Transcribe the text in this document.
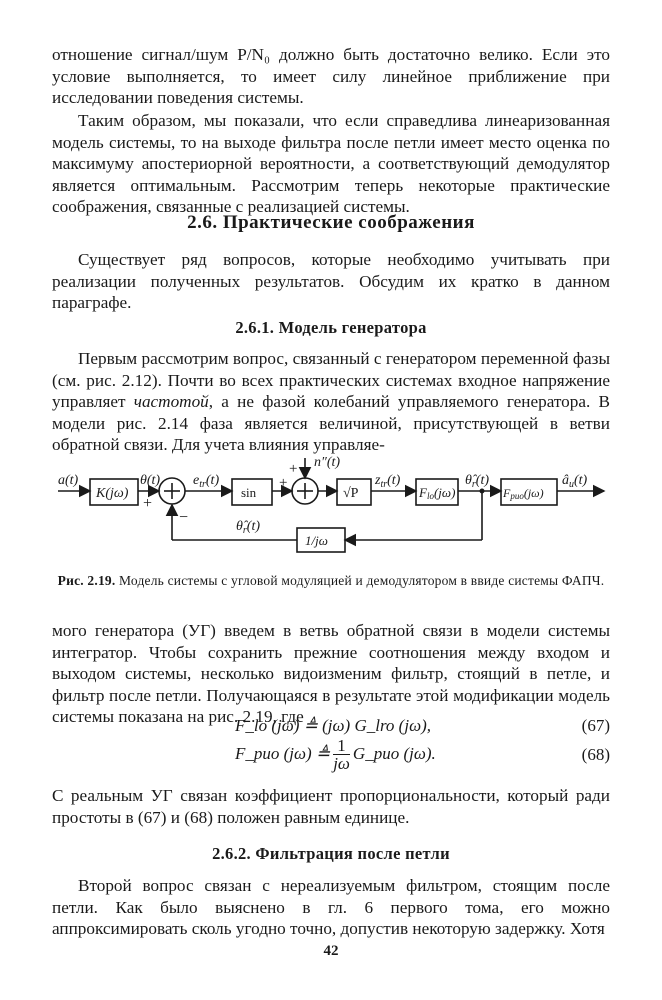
отношение сигнал/шум P/N₀ должно быть достаточно велико. Если это условие выполняется, то имеет силу линейное приближение при исследовании поведения системы.
Таким образом, мы показали, что если справедлива линеаризованная модель системы, то на выходе фильтра после петли имеет место оценка по максимуму апостериорной вероятности, а соответствующий демодулятор является оптимальным. Рассмотрим теперь некоторые практические соображения, связанные с реализацией системы.
2.6. Практические соображения
Существует ряд вопросов, которые необходимо учитывать при реализации полученных результатов. Обсудим их кратко в данном параграфе.
2.6.1. Модель генератора
Первым рассмотрим вопрос, связанный с генератором переменной фазы (см. рис. 2.12). Почти во всех практических системах входное напряжение управляет частотой, а не фазой колебаний управляемого генератора. В модели рис. 2.14 фаза является величиной, присутствующей в ветви обратной связи. Для учета влияния управляе-
a(t)
K(jω)
θ(t)
+
−
$e_{tr}(t)$
sin
n″(t)
+
+
√P
$z_{tr}(t)$
Flo(jω)
$\thetâ_r(t)$
Fpuo(jω)
$â_u(t)$
$\thetâ_r(t)$
1/jω
Рис. 2.19. Модель системы с угловой модуляцией и демодулятором в ввиде системы ФАПЧ.
мого генератора (УГ) введем в ветвь обратной связи в модели системы интегратор. Чтобы сохранить прежние соотношения между входом и выходом системы, несколько видоизменим фильтр, стоящий в петле, и фильтр после петли. Получающаяся в результате этой модификации модель системы показана на рис. 2.19, где
F_lo (jω) ≜ (jω) G_lro (jω),	(67)
F_puo (jω) ≜ $\frac{1}{j\omega}$ G_puo (jω).	(68)
С реальным УГ связан коэффициент пропорциональности, который ради простоты в (67) и (68) положен равным единице.
2.6.2. Фильтрация после петли
Второй вопрос связан с нереализуемым фильтром, стоящим после петли. Как было выяснено в гл. 6 первого тома, его можно аппроксимировать сколь угодно точно, допустив некоторую задержку. Хотя
42
